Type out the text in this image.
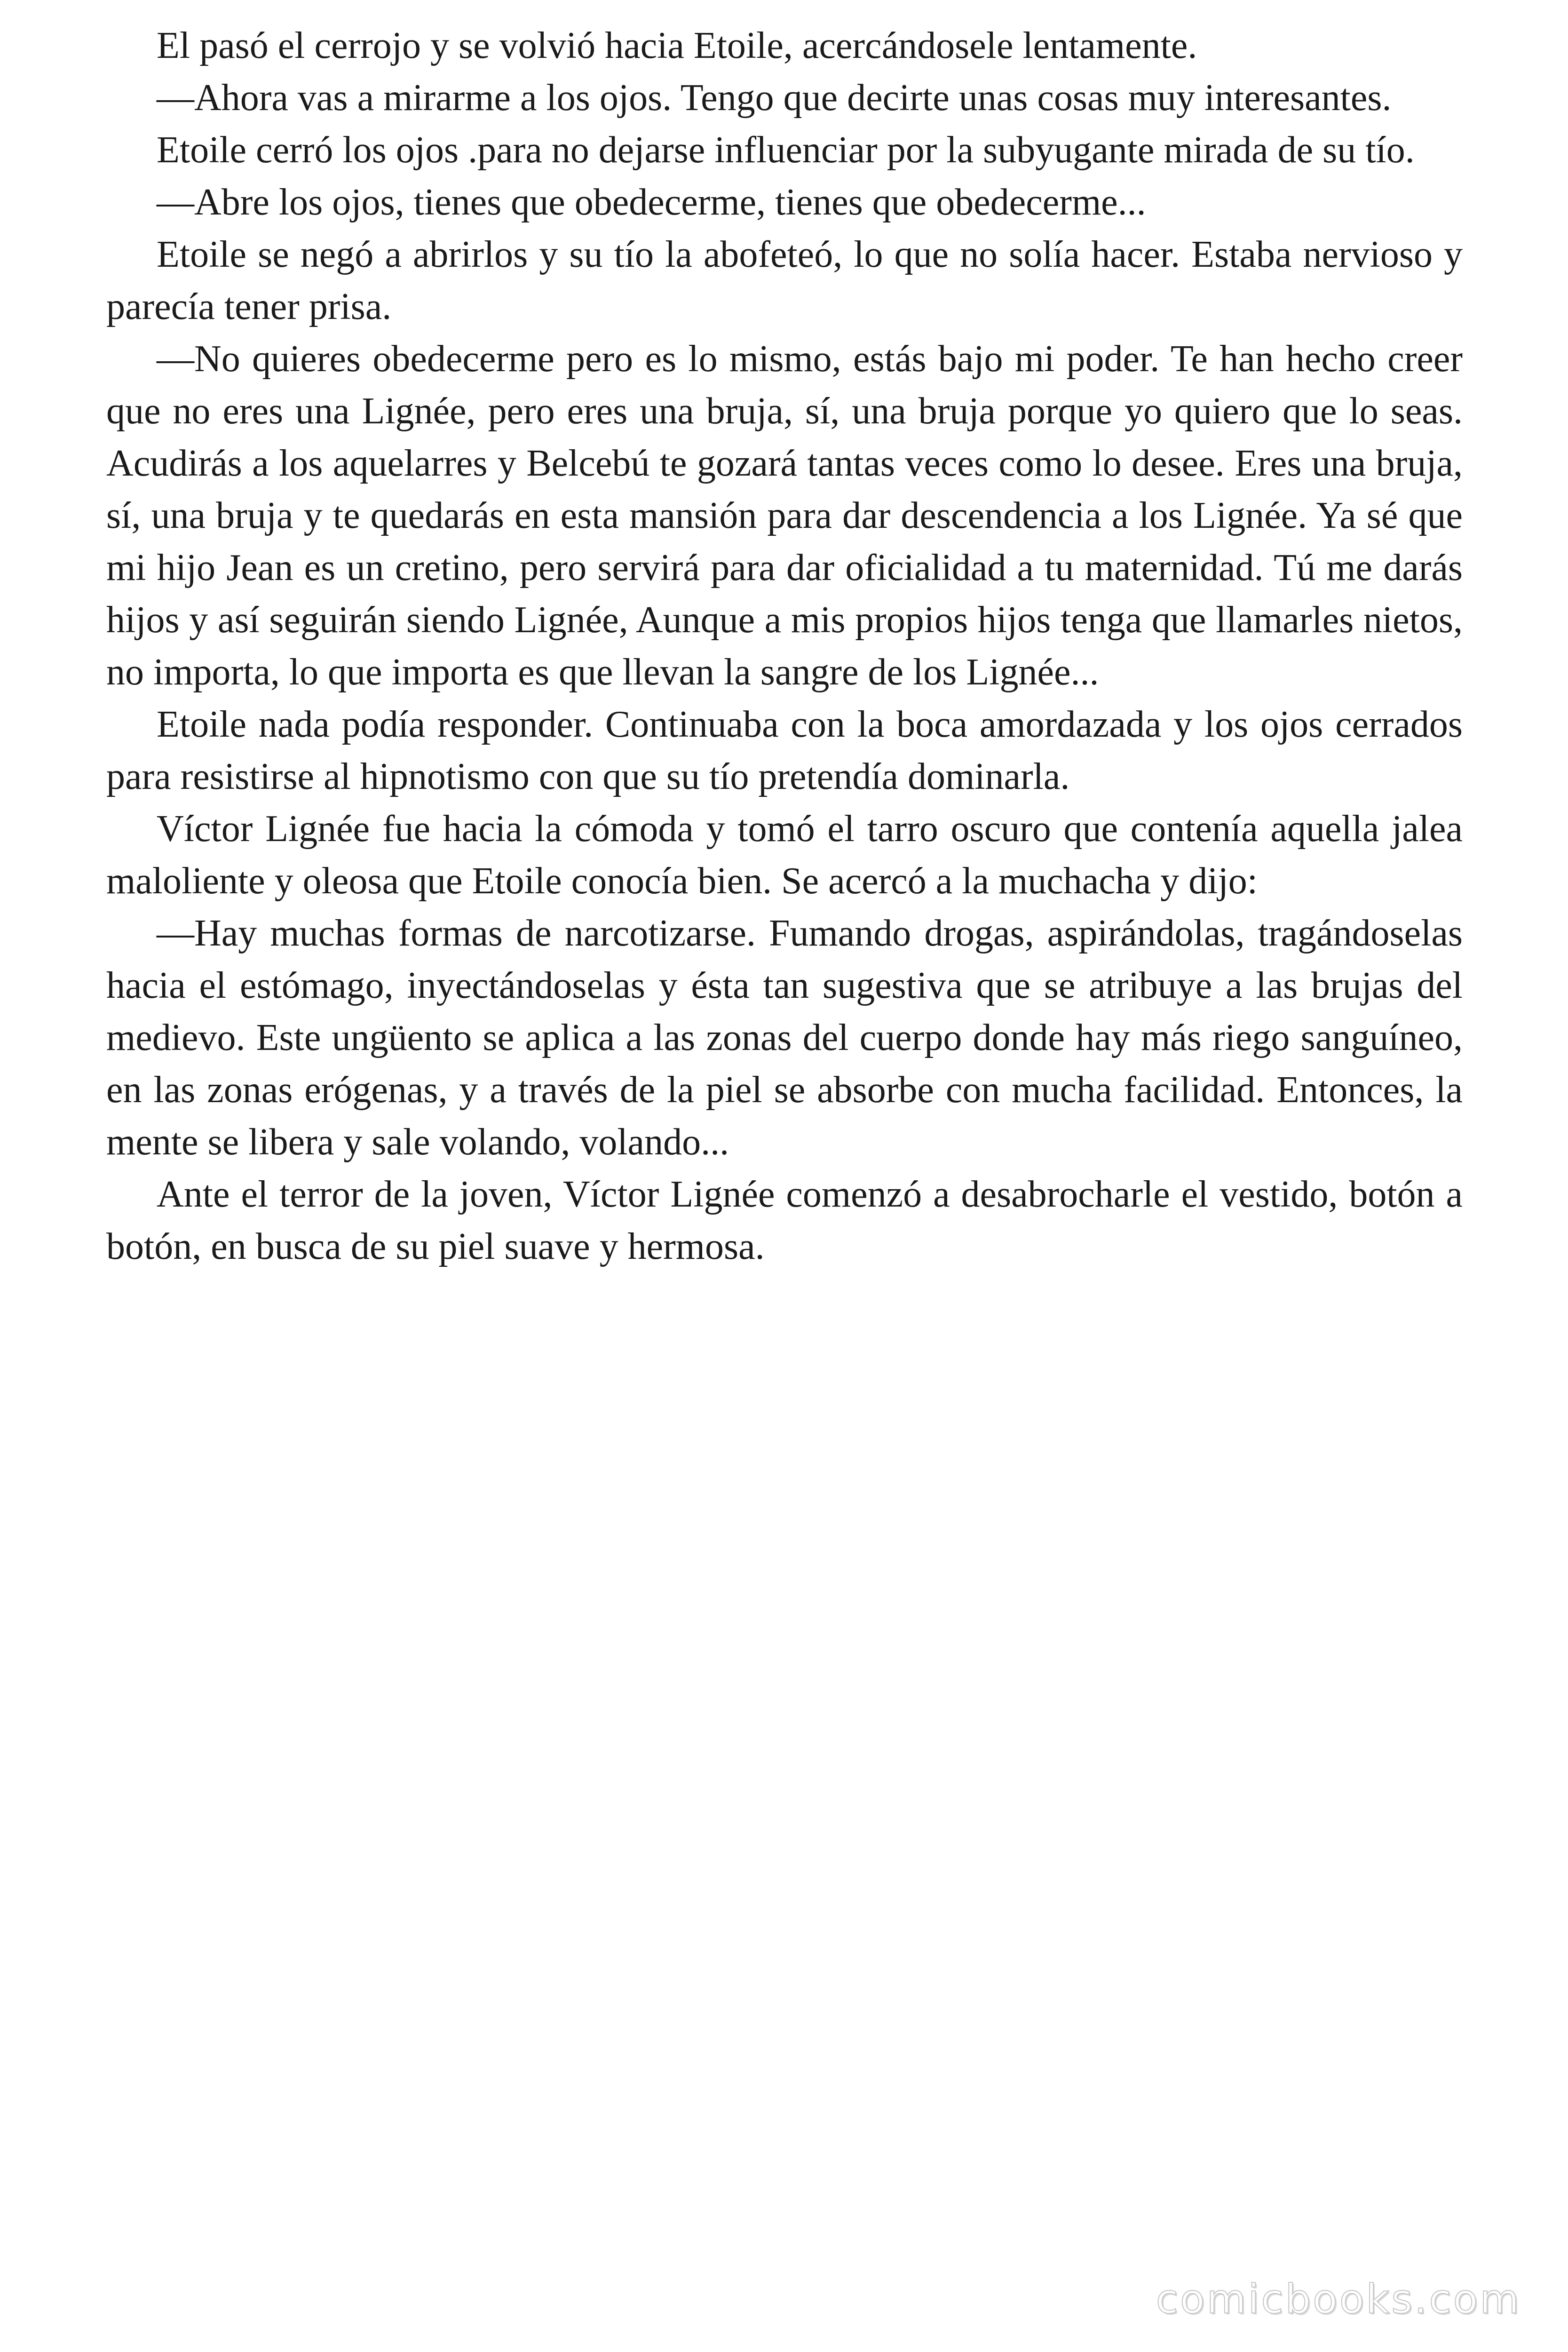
El pasó el cerrojo y se volvió hacia Etoile, acercándosele lentamente.

—Ahora vas a mirarme a los ojos. Tengo que decirte unas cosas muy interesantes.

Etoile cerró los ojos .para no dejarse influenciar por la subyugante mirada de su tío.

—Abre los ojos, tienes que obedecerme, tienes que obedecerme...

Etoile se negó a abrirlos y su tío la abofeteó, lo que no solía hacer. Estaba nervioso y parecía tener prisa.

—No quieres obedecerme pero es lo mismo, estás bajo mi poder. Te han hecho creer que no eres una Lignée, pero eres una bruja, sí, una bruja porque yo quiero que lo seas. Acudirás a los aquelarres y Belcebú te gozará tantas veces como lo desee. Eres una bruja, sí, una bruja y te quedarás en esta mansión para dar descendencia a los Lignée. Ya sé que mi hijo Jean es un cretino, pero servirá para dar oficialidad a tu maternidad. Tú me darás hijos y así seguirán siendo Lignée, Aunque a mis propios hijos tenga que llamarles nietos, no importa, lo que importa es que llevan la sangre de los Lignée...

Etoile nada podía responder. Continuaba con la boca amordazada y los ojos cerrados para resistirse al hipnotismo con que su tío pretendía dominarla.

Víctor Lignée fue hacia la cómoda y tomó el tarro oscuro que contenía aquella jalea maloliente y oleosa que Etoile conocía bien. Se acercó a la muchacha y dijo:

—Hay muchas formas de narcotizarse. Fumando drogas, aspirándolas, tragándoselas hacia el estómago, inyectándoselas y ésta tan sugestiva que se atribuye a las brujas del medievo. Este ungüento se aplica a las zonas del cuerpo donde hay más riego sanguíneo, en las zonas erógenas, y a través de la piel se absorbe con mucha facilidad. Entonces, la mente se libera y sale volando, volando...

Ante el terror de la joven, Víctor Lignée comenzó a desabrocharle el vestido, botón a botón, en busca de su piel suave y hermosa.

comicbooks.com
